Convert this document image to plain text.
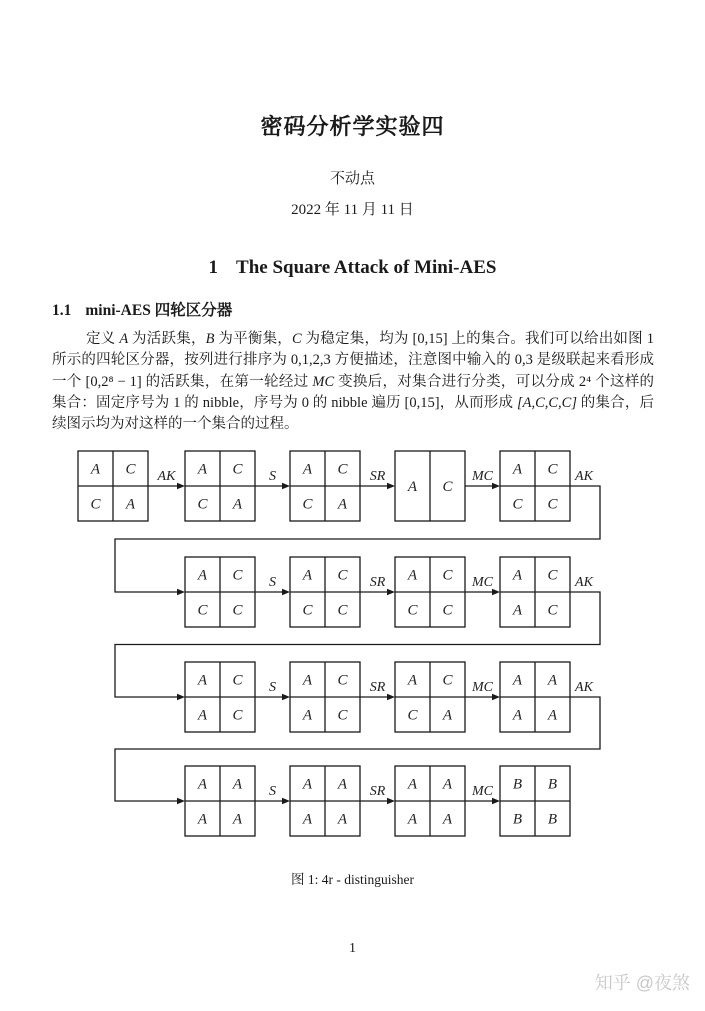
密码分析学实验四
不动点
2022 年 11 月 11 日
1 The Square Attack of Mini-AES
1.1 mini-AES 四轮区分器

定义 A 为活跃集，B 为平衡集，C 为稳定集，均为 [0,15] 上的集合。我们可以给出如图 1所示的四轮区分器，按列进行排序为 0,1,2,3 方便描述，注意图中输入的 0,3 是级联起来看形成一个 [0,2⁸ − 1] 的活跃集，在第一轮经过 MC 变换后，对集合进行分类，可以分成 2⁴ 个这样的集合：固定序号为 1 的 nibble，序号为 0 的 nibble 遍历 [0,15]，从而形成 [A,C,C,C] 的集合，后续图示均为对这样的一个集合的过程。

A C
C A
AK A C
C A
S A C
C A
SR
A C
MC A C
C C
AK
A C
C C
S A C
C C
SR A C
C C
MC A C
A C
AK
A C
A C
S A C
A C
SR A C
C A
MC A A
A A
AK
A A
A A
S A A
A A
SR A A
A A
MC B B
B B
图 1: 4r - distinguisher
1
知乎 @夜煞
